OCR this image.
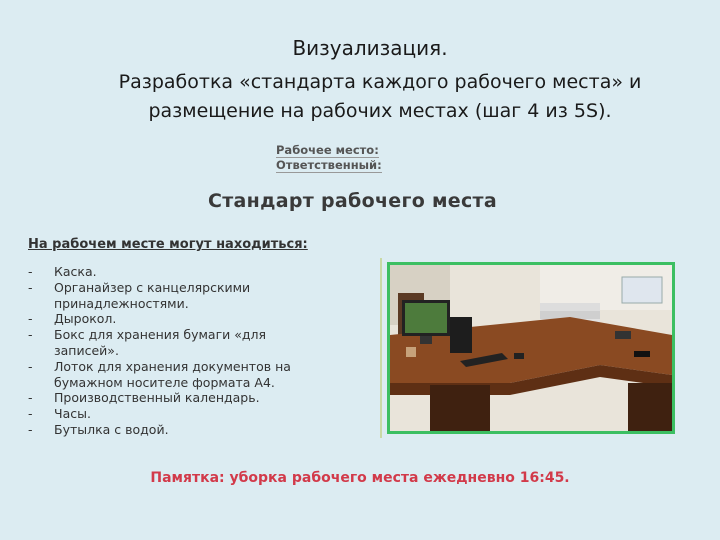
Визуализация.
Разработка «стандарта каждого рабочего места» и
размещение на рабочих местах (шаг 4 из 5S).
Рабочее место:
Ответственный:
Стандарт рабочего места
На рабочем месте могут находиться:
- Каска.
- Органайзер с канцелярскими
принадлежностями.
- Дырокол.
- Бокс для хранения бумаги «для
записей».
- Лоток для хранения документов на
бумажном носителе формата А4.
- Производственный календарь.
- Часы.
- Бутылка с водой.
Памятка: уборка рабочего места ежедневно 16:45.
